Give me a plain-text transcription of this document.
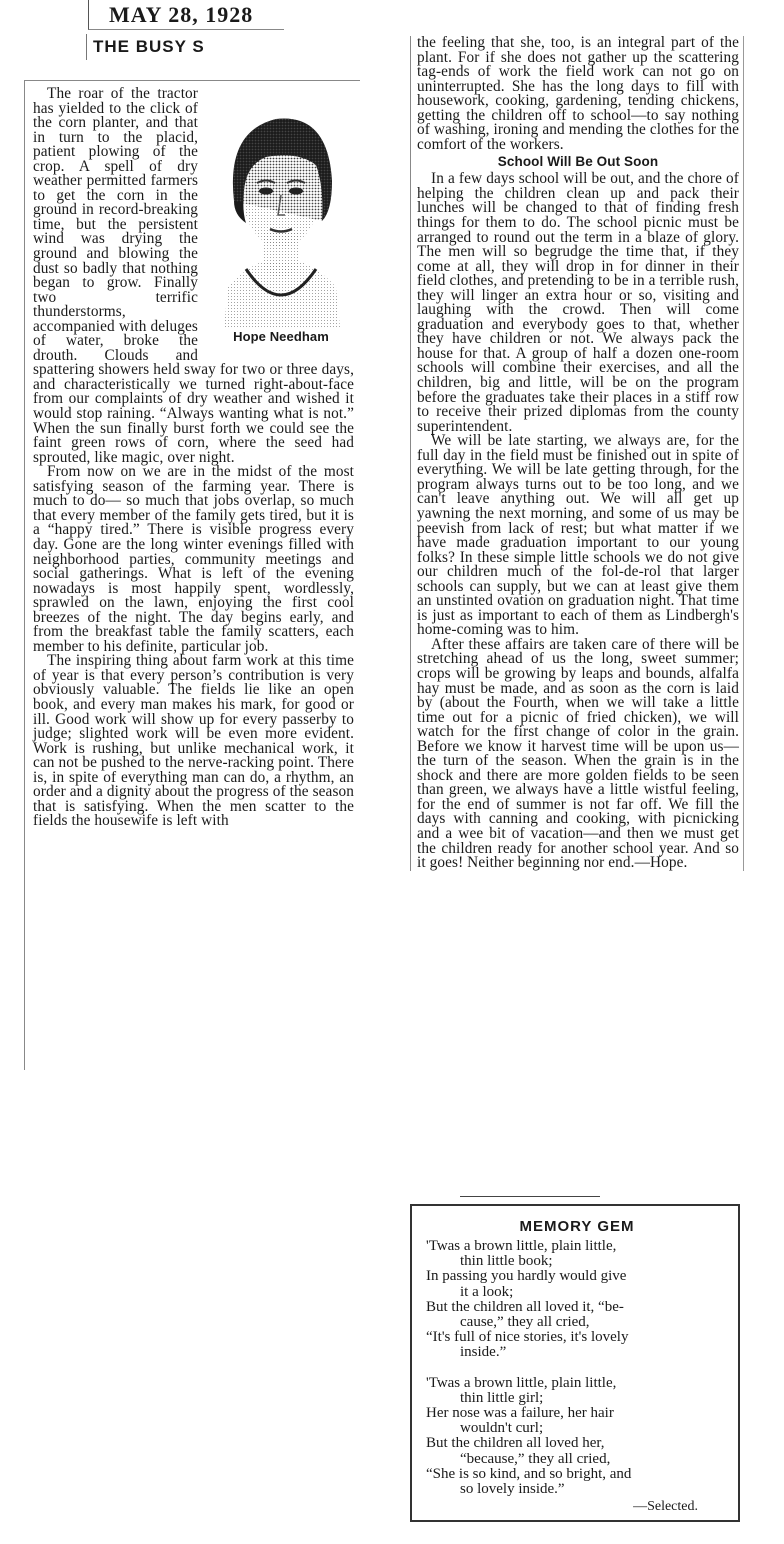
MAY 28, 1928
THE BUSY S
Hope Needham

The roar of the tractor has yielded to the click of the corn planter, and that in turn to the placid, patient plowing of the crop. A spell of dry weather permitted farmers to get the corn in the ground in record-breaking time, but the persistent wind was drying the ground and blowing the dust so badly that nothing began to grow. Finally two terrific thunderstorms, accompanied with deluges of water, broke the drouth. Clouds and spattering showers held sway for two or three days, and characteristically we turned right-about-face from our complaints of dry weather and wished it would stop raining. “Always wanting what is not.” When the sun finally burst forth we could see the faint green rows of corn, where the seed had sprouted, like magic, over night.

From now on we are in the midst of the most satisfying season of the farming year. There is much to do— so much that jobs overlap, so much that every member of the family gets tired, but it is a “happy tired.” There is visible progress every day. Gone are the long winter evenings filled with neighborhood parties, community meetings and social gatherings. What is left of the evening nowadays is most happily spent, wordlessly, sprawled on the lawn, enjoying the first cool breezes of the night. The day begins early, and from the breakfast table the family scatters, each member to his definite, particular job.

The inspiring thing about farm work at this time of year is that every person’s contribution is very obviously valuable. The fields lie like an open book, and every man makes his mark, for good or ill. Good work will show up for every passerby to judge; slighted work will be even more evident. Work is rushing, but unlike mechanical work, it can not be pushed to the nerve-racking point. There is, in spite of everything man can do, a rhythm, an order and a dignity about the progress of the season that is satisfying. When the men scatter to the fields the housewife is left with

the feeling that she, too, is an integral part of the plant. For if she does not gather up the scattering tag-ends of work the field work can not go on uninterrupted. She has the long days to fill with housework, cooking, gardening, tending chickens, getting the children off to school—to say nothing of washing, ironing and mending the clothes for the comfort of the workers.

School Will Be Out Soon

In a few days school will be out, and the chore of helping the children clean up and pack their lunches will be changed to that of finding fresh things for them to do. The school picnic must be arranged to round out the term in a blaze of glory. The men will so begrudge the time that, if they come at all, they will drop in for dinner in their field clothes, and pretending to be in a terrible rush, they will linger an extra hour or so, visiting and laughing with the crowd. Then will come graduation and everybody goes to that, whether they have children or not. We always pack the house for that. A group of half a dozen one-room schools will combine their exercises, and all the children, big and little, will be on the program before the graduates take their places in a stiff row to receive their prized diplomas from the county superintendent.

We will be late starting, we always are, for the full day in the field must be finished out in spite of everything. We will be late getting through, for the program always turns out to be too long, and we can't leave anything out. We will all get up yawning the next morning, and some of us may be peevish from lack of rest; but what matter if we have made graduation important to our young folks? In these simple little schools we do not give our children much of the fol-de-rol that larger schools can supply, but we can at least give them an unstinted ovation on graduation night. That time is just as important to each of them as Lindbergh's home-coming was to him.

After these affairs are taken care of there will be stretching ahead of us the long, sweet summer; crops will be growing by leaps and bounds, alfalfa hay must be made, and as soon as the corn is laid by (about the Fourth, when we will take a little time out for a picnic of fried chicken), we will watch for the first change of color in the grain. Before we know it harvest time will be upon us— the turn of the season. When the grain is in the shock and there are more golden fields to be seen than green, we always have a little wistful feeling, for the end of summer is not far off. We fill the days with canning and cooking, with picnicking and a wee bit of vacation—and then we must get the children ready for another school year. And so it goes! Neither beginning nor end.—Hope.

MEMORY GEM
'Twas a brown little, plain little,
thin little book;
In passing you hardly would give
it a look;
But the children all loved it, “be-
cause,” they all cried,
“It's full of nice stories, it's lovely
inside.”
'Twas a brown little, plain little,
thin little girl;
Her nose was a failure, her hair
wouldn't curl;
But the children all loved her,
“because,” they all cried,
“She is so kind, and so bright, and
so lovely inside.”
—Selected.
